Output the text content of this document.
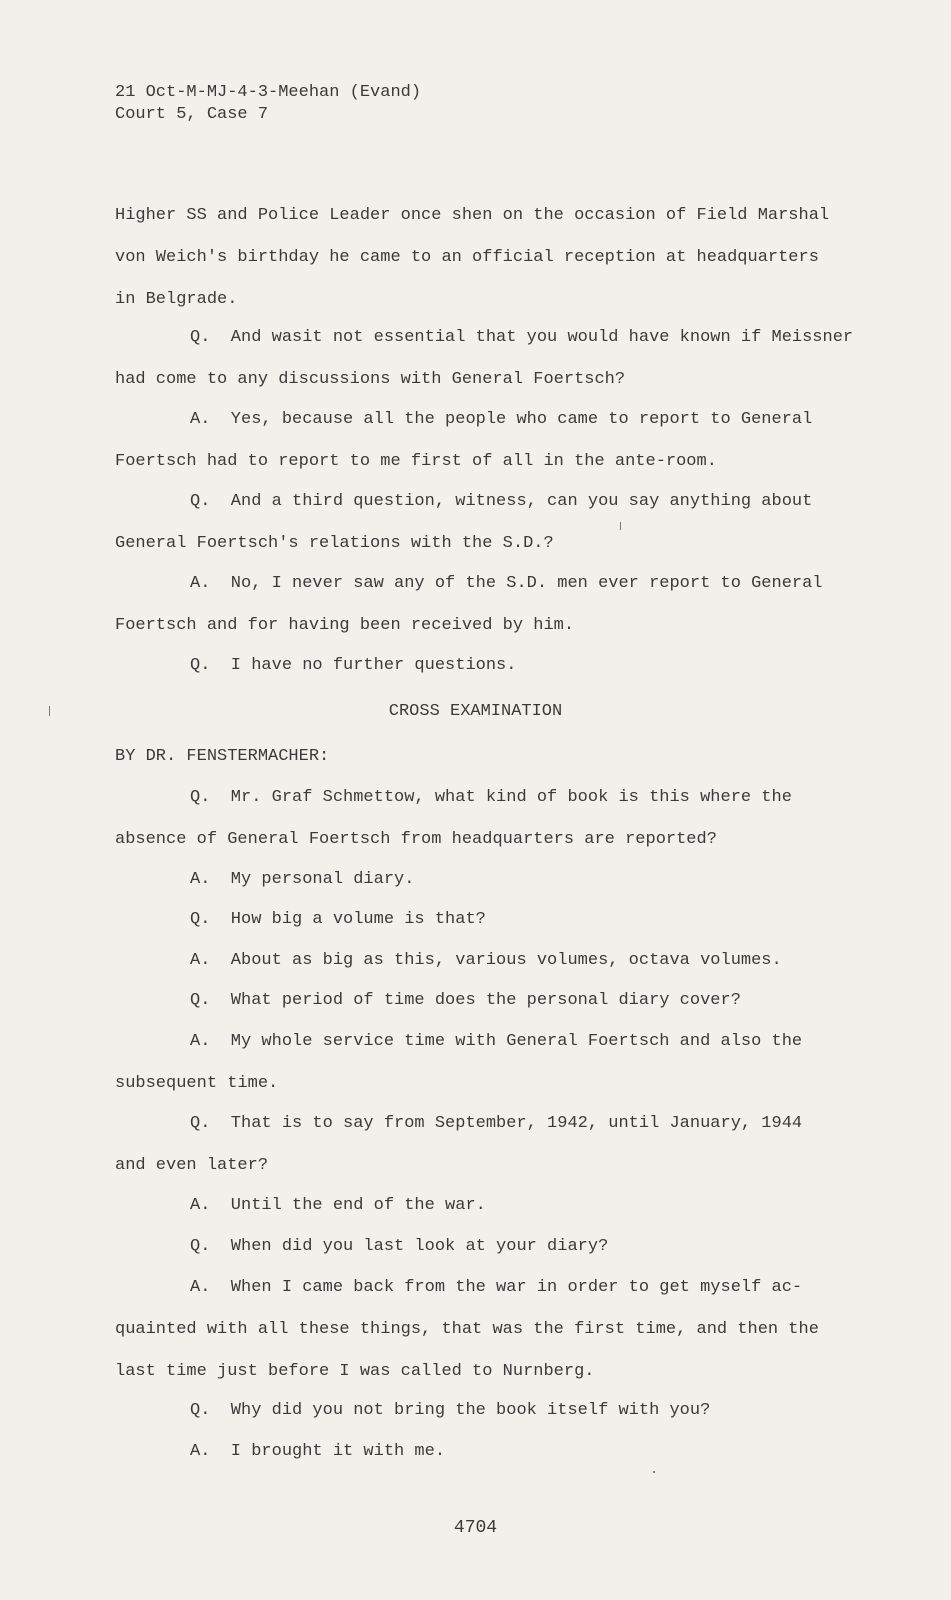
21 Oct-M-MJ-4-3-Meehan (Evand)
Court 5, Case 7
Higher SS and Police Leader once shen on the occasion of Field Marshal
von Weich's birthday he came to an official reception at headquarters
in Belgrade.
Q.  And wasit not essential that you would have known if Meissner
had come to any discussions with General Foertsch?
A.  Yes, because all the people who came to report to General
Foertsch had to report to me first of all in the ante-room.
Q.  And a third question, witness, can you say anything about
General Foertsch's relations with the S.D.?
A.  No, I never saw any of the S.D. men ever report to General
Foertsch and for having been received by him.
Q.  I have no further questions.
CROSS EXAMINATION
BY DR. FENSTERMACHER:
Q.  Mr. Graf Schmettow, what kind of book is this where the
absence of General Foertsch from headquarters are reported?
A.  My personal diary.
Q.  How big a volume is that?
A.  About as big as this, various volumes, octava volumes.
Q.  What period of time does the personal diary cover?
A.  My whole service time with General Foertsch and also the
subsequent time.
Q.  That is to say from September, 1942, until January, 1944
and even later?
A.  Until the end of the war.
Q.  When did you last look at your diary?
A.  When I came back from the war in order to get myself ac-
quainted with all these things, that was the first time, and then the
last time just before I was called to Nurnberg.
Q.  Why did you not bring the book itself with you?
A.  I brought it with me.
4704
